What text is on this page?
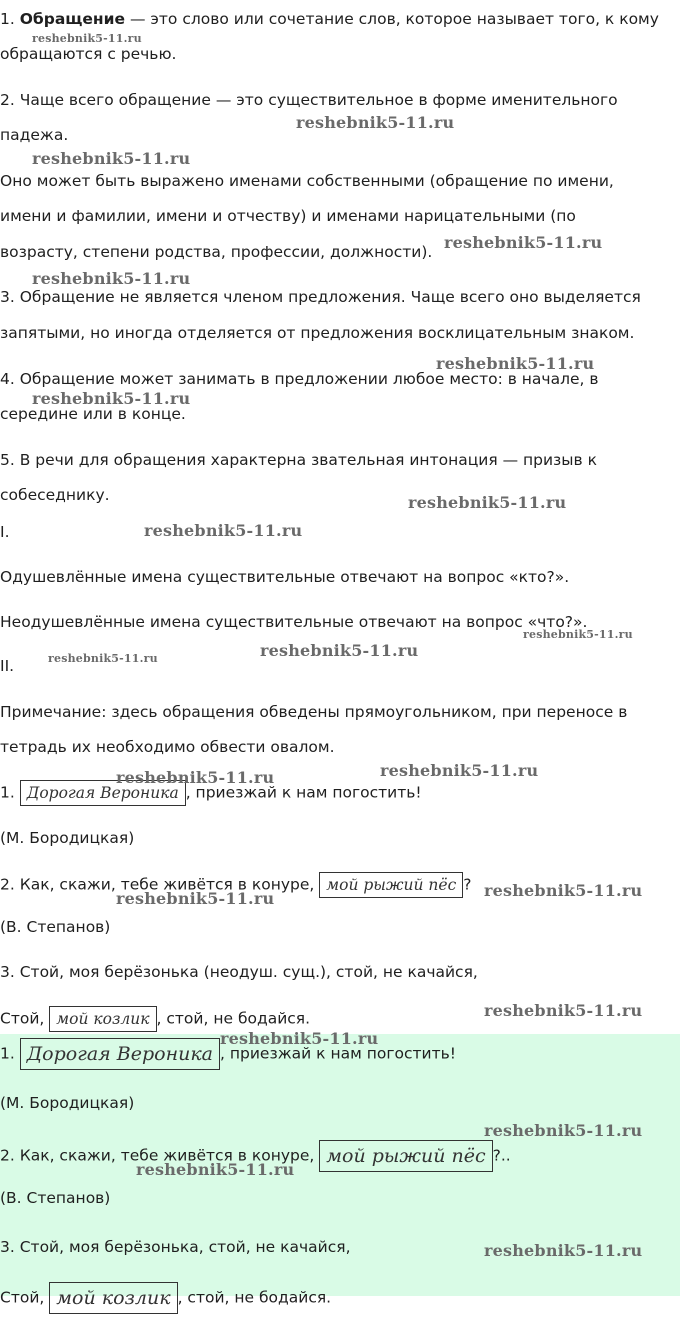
1. Обращение — это слово или сочетание слов, которое называет того, к кому
обращаются с речью.
2. Чаще всего обращение — это существительное в форме именительного
падежа.
Оно может быть выражено именами собственными (обращение по имени,
имени и фамилии, имени и отчеству) и именами нарицательными (по
возрасту, степени родства, профессии, должности).
3. Обращение не является членом предложения. Чаще всего оно выделяется
запятыми, но иногда отделяется от предложения восклицательным знаком.
4. Обращение может занимать в предложении любое место: в начале, в
середине или в конце.
5. В речи для обращения характерна звательная интонация — призыв к
собеседнику.
I.
Одушевлённые имена существительные отвечают на вопрос «кто?».
Неодушевлённые имена существительные отвечают на вопрос «что?».
II.
Примечание: здесь обращения обведены прямоугольником, при переносе в
тетрадь их необходимо обвести овалом.
1. Дорогая Вероника , приезжай к нам погостить!
(М. Бородицкая)
2. Как, скажи, тебе живётся в конуре, мой рыжий пёс ?
(В. Степанов)
3. Стой, моя берёзонька (неодуш. сущ.), стой, не качайся,
Стой, мой козлик , стой, не бодайся.
1. Дорогая Вероника , приезжай к нам погостить!
(М. Бородицкая)
2. Как, скажи, тебе живётся в конуре, мой рыжий пёс ?..
(В. Степанов)
3. Стой, моя берёзонька, стой, не качайся,
Стой, мой козлик , стой, не бодайся.
reshebnik5-11.ru
reshebnik5-11.ru
reshebnik5-11.ru
reshebnik5-11.ru
reshebnik5-11.ru
reshebnik5-11.ru
reshebnik5-11.ru
reshebnik5-11.ru
reshebnik5-11.ru
reshebnik5-11.ru
reshebnik5-11.ru	reshebnik5-11.ru
reshebnik5-11.ru	reshebnik5-11.ru
reshebnik5-11.ru
reshebnik5-11.ru
reshebnik5-11.ru
reshebnik5-11.ru
reshebnik5-11.ru
reshebnik5-11.ru
reshebnik5-11.ru
